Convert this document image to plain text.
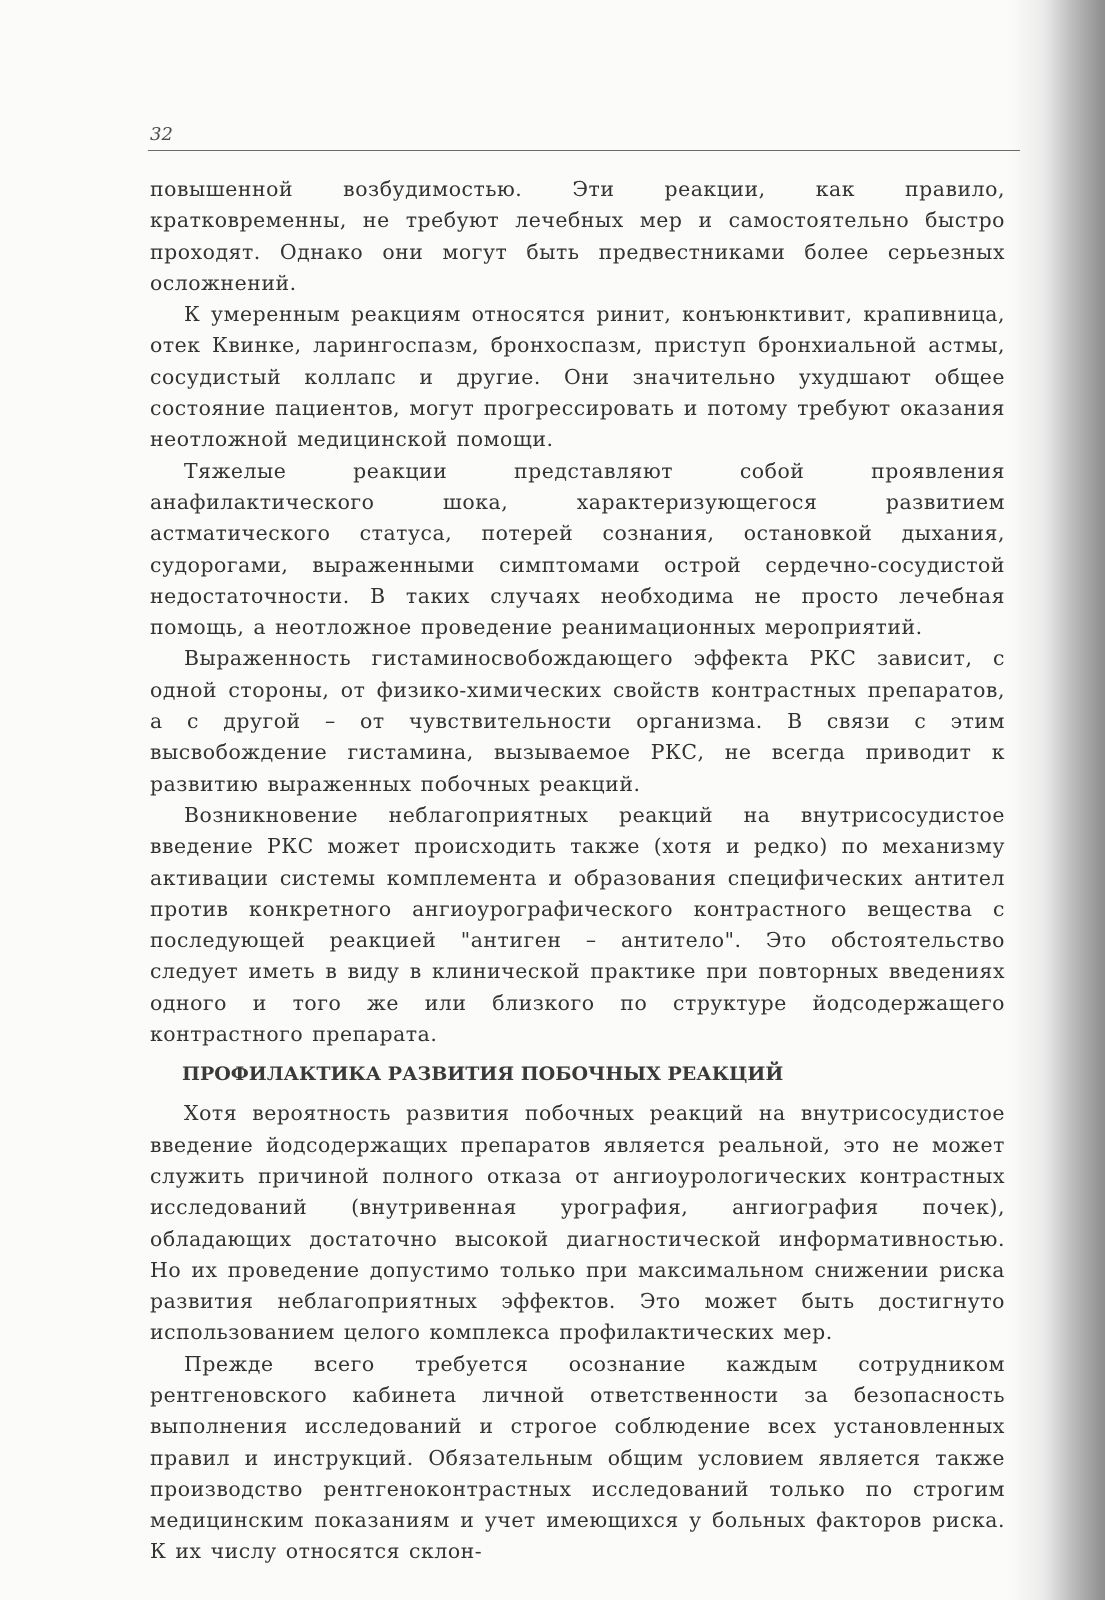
32

повышенной возбудимостью. Эти реакции, как правило, кратковременны, не требуют лечебных мер и самостоятельно быстро проходят. Однако они могут быть предвестниками более серьезных осложнений.

К умеренным реакциям относятся ринит, конъюнктивит, крапивница, отек Квинке, ларингоспазм, бронхоспазм, приступ бронхиальной астмы, сосудистый коллапс и другие. Они значительно ухудшают общее состояние пациентов, могут прогрессировать и потому требуют оказания неотложной медицинской помощи.

Тяжелые реакции представляют собой проявления анафилактического шока, характеризующегося развитием астматического статуса, потерей сознания, остановкой дыхания, судорогами, выраженными симптомами острой сердечно-сосудистой недостаточности. В таких случаях необходима не просто лечебная помощь, а неотложное проведение реанимационных мероприятий.

Выраженность гистаминосвобождающего эффекта РКС зависит, с одной стороны, от физико-химических свойств контрастных препаратов, а с другой – от чувствительности организма. В связи с этим высвобождение гистамина, вызываемое РКС, не всегда приводит к развитию выраженных побочных реакций.

Возникновение неблагоприятных реакций на внутрисосудистое введение РКС может происходить также (хотя и редко) по механизму активации системы комплемента и образования специфических антител против конкретного ангиоурографического контрастного вещества с последующей реакцией "антиген – антитело". Это обстоятельство следует иметь в виду в клинической практике при повторных введениях одного и того же или близкого по структуре йодсодержащего контрастного препарата.

ПРОФИЛАКТИКА РАЗВИТИЯ ПОБОЧНЫХ РЕАКЦИЙ

Хотя вероятность развития побочных реакций на внутрисосудистое введение йодсодержащих препаратов является реальной, это не может служить причиной полного отказа от ангиоурологических контрастных исследований (внутривенная урография, ангиография почек), обладающих достаточно высокой диагностической информативностью. Но их проведение допустимо только при максимальном снижении риска развития неблагоприятных эффектов. Это может быть достигнуто использованием целого комплекса профилактических мер.

Прежде всего требуется осознание каждым сотрудником рентгеновского кабинета личной ответственности за безопасность выполнения исследований и строгое соблюдение всех установленных правил и инструкций. Обязательным общим условием является также производство рентгеноконтрастных исследований только по строгим медицинским показаниям и учет имеющихся у больных факторов риска. К их числу относятся склон-
